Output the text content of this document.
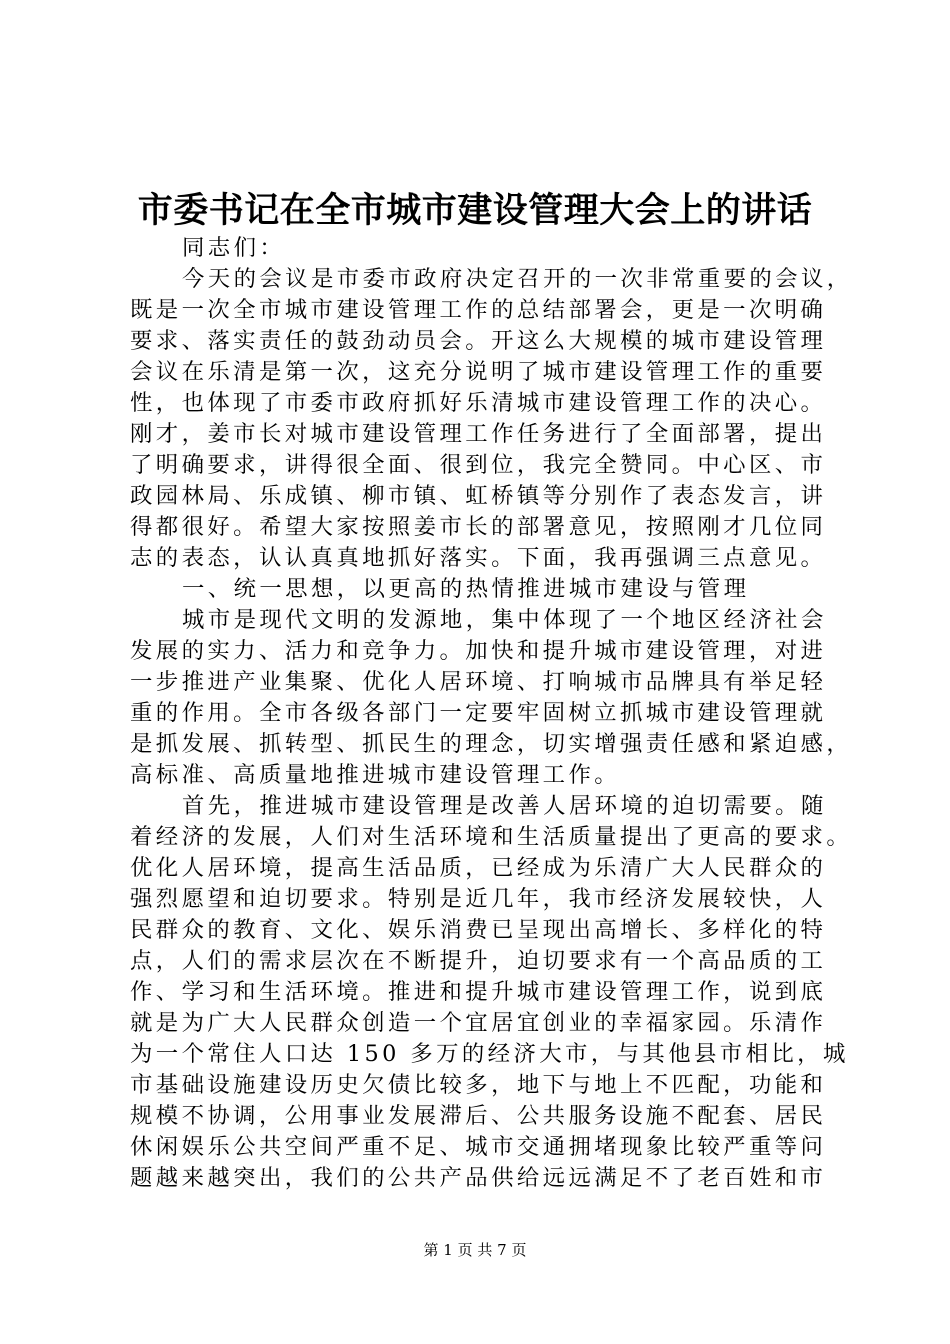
市委书记在全市城市建设管理大会上的讲话
同志们：
今天的会议是市委市政府决定召开的一次非常重要的会议，
既是一次全市城市建设管理工作的总结部署会，更是一次明确
要求、落实责任的鼓劲动员会。开这么大规模的城市建设管理
会议在乐清是第一次，这充分说明了城市建设管理工作的重要
性，也体现了市委市政府抓好乐清城市建设管理工作的决心。
刚才，姜市长对城市建设管理工作任务进行了全面部署，提出
了明确要求，讲得很全面、很到位，我完全赞同。中心区、市
政园林局、乐成镇、柳市镇、虹桥镇等分别作了表态发言，讲
得都很好。希望大家按照姜市长的部署意见，按照刚才几位同
志的表态，认认真真地抓好落实。下面，我再强调三点意见。
一、统一思想，以更高的热情推进城市建设与管理
城市是现代文明的发源地，集中体现了一个地区经济社会
发展的实力、活力和竞争力。加快和提升城市建设管理，对进
一步推进产业集聚、优化人居环境、打响城市品牌具有举足轻
重的作用。全市各级各部门一定要牢固树立抓城市建设管理就
是抓发展、抓转型、抓民生的理念，切实增强责任感和紧迫感，
高标准、高质量地推进城市建设管理工作。
首先，推进城市建设管理是改善人居环境的迫切需要。随
着经济的发展，人们对生活环境和生活质量提出了更高的要求。
优化人居环境，提高生活品质，已经成为乐清广大人民群众的
强烈愿望和迫切要求。特别是近几年，我市经济发展较快，人
民群众的教育、文化、娱乐消费已呈现出高增长、多样化的特
点，人们的需求层次在不断提升，迫切要求有一个高品质的工
作、学习和生活环境。推进和提升城市建设管理工作，说到底
就是为广大人民群众创造一个宜居宜创业的幸福家园。乐清作
为一个常住人口达 150 多万的经济大市，与其他县市相比，城
市基础设施建设历史欠债比较多，地下与地上不匹配，功能和
规模不协调，公用事业发展滞后、公共服务设施不配套、居民
休闲娱乐公共空间严重不足、城市交通拥堵现象比较严重等问
题越来越突出，我们的公共产品供给远远满足不了老百姓和市
第 1 页 共 7 页
